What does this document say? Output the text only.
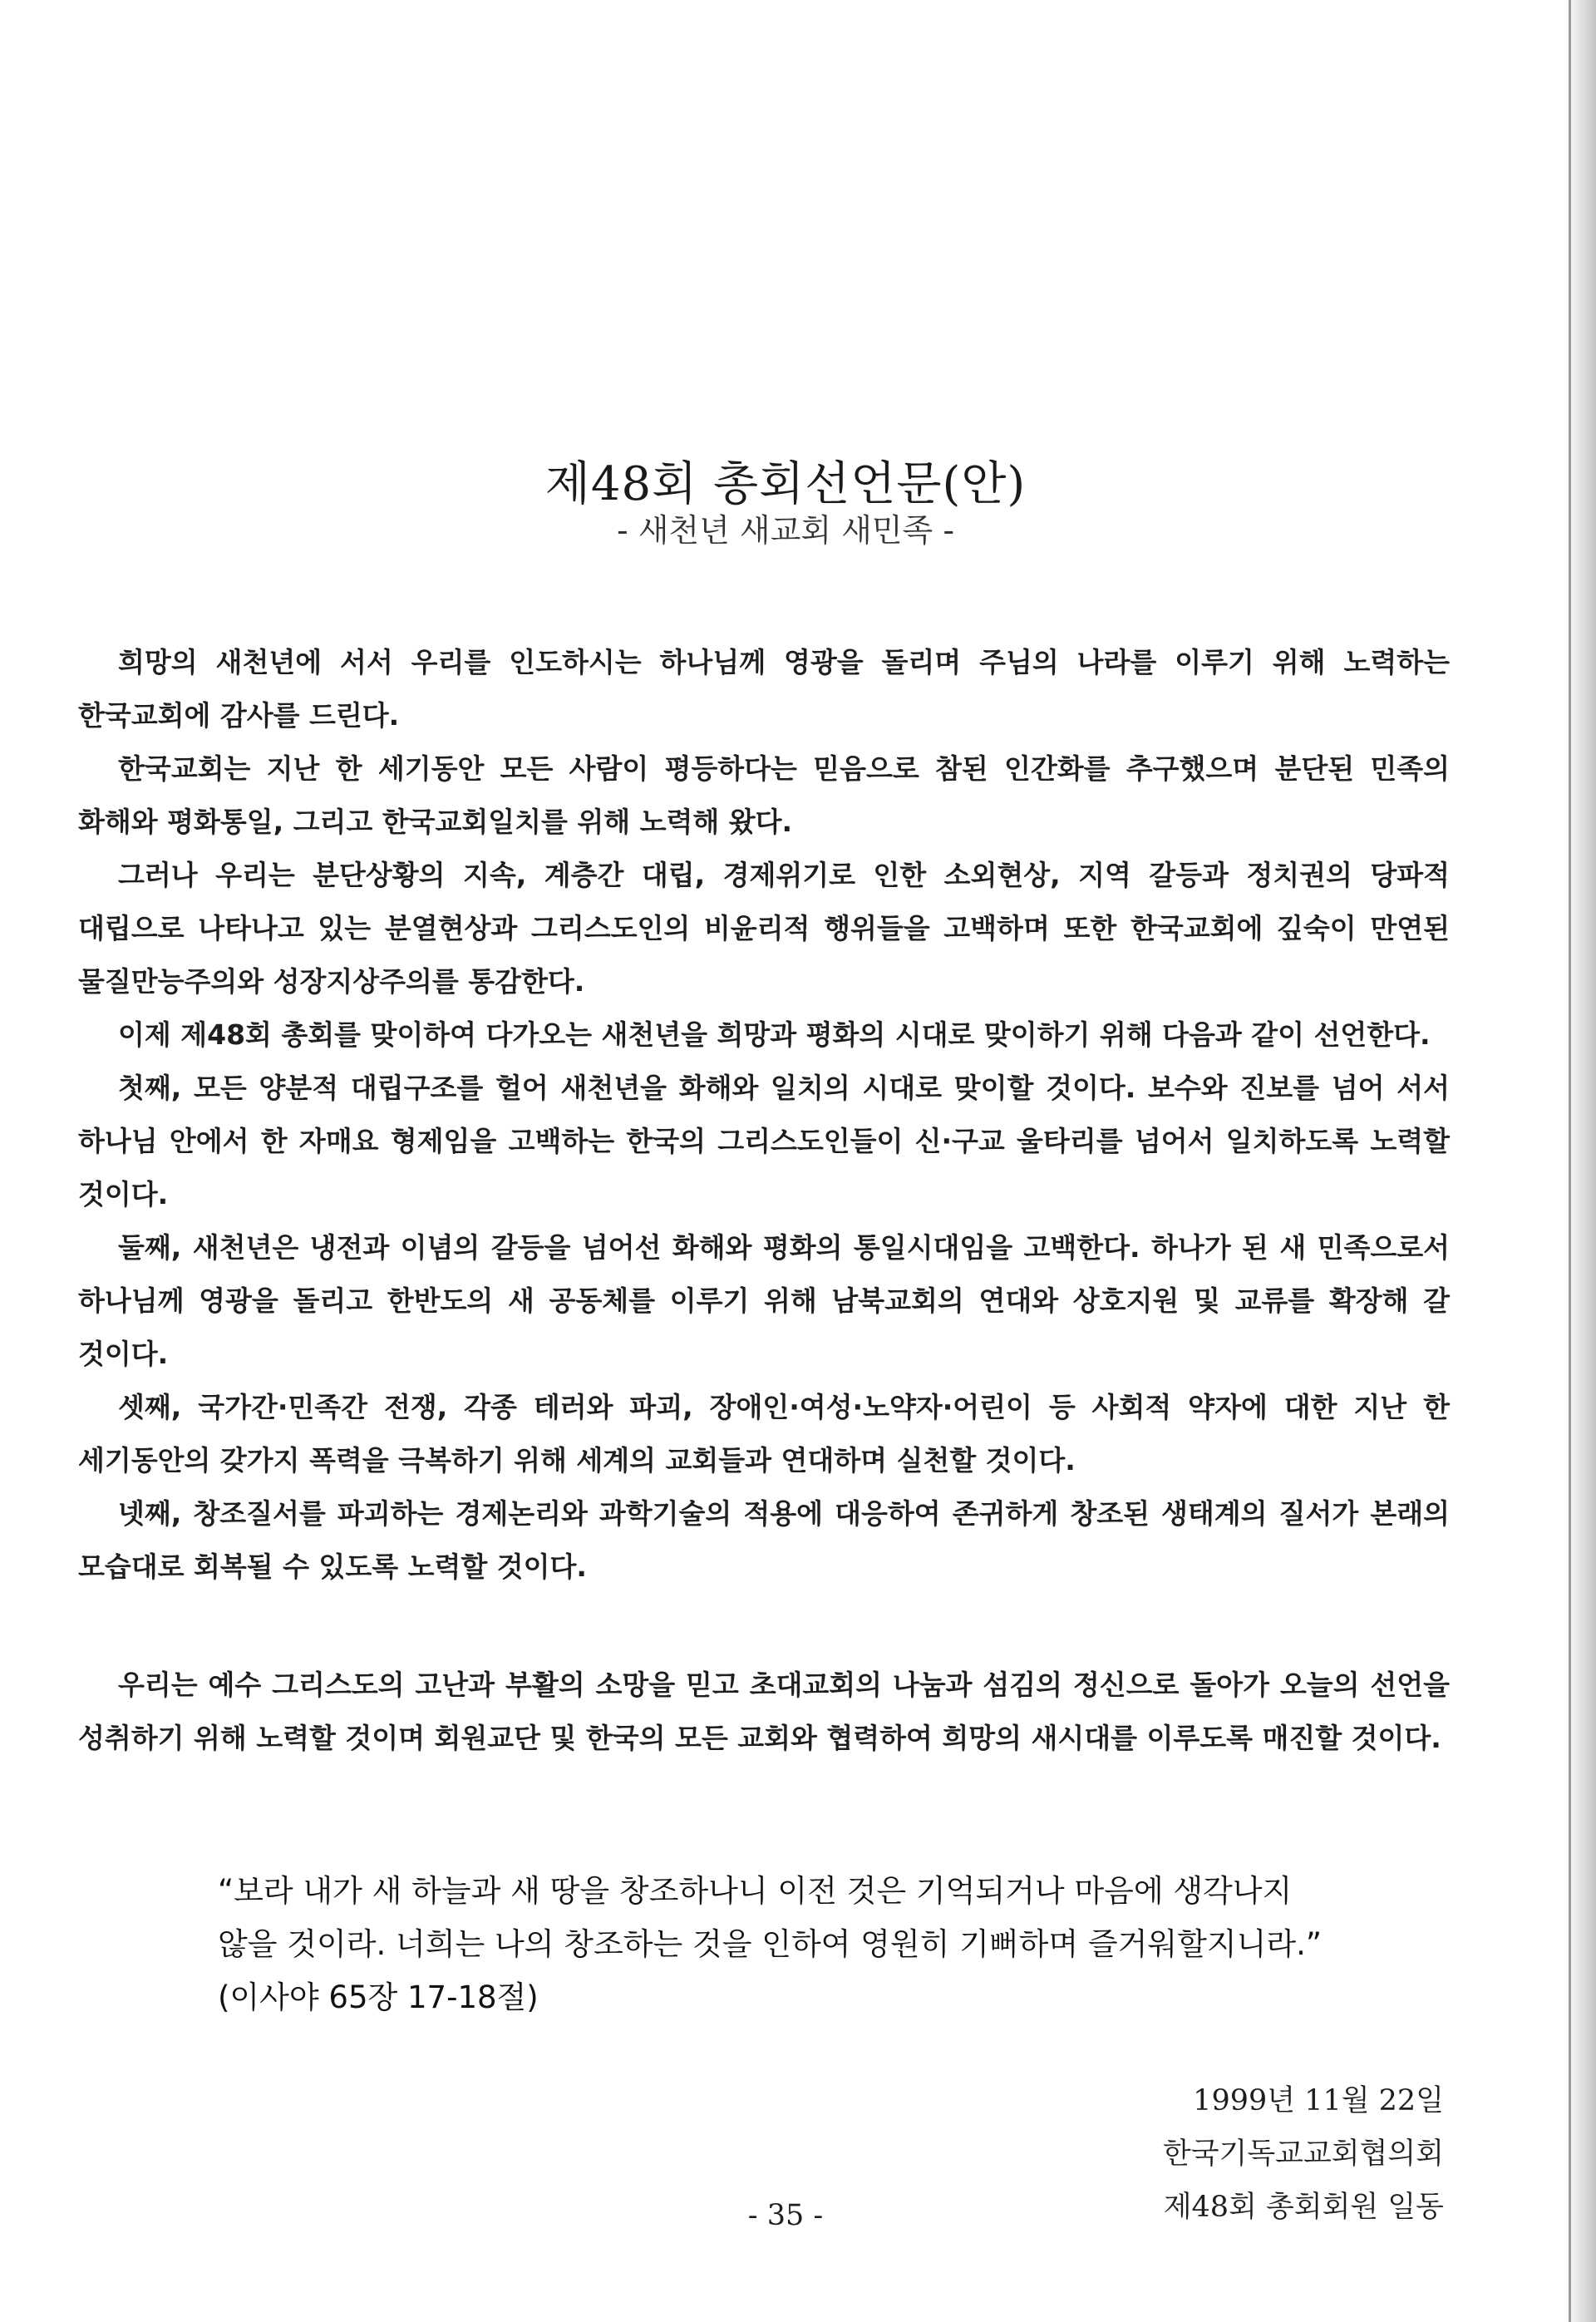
제48회 총회선언문(안)
- 새천년 새교회 새민족 -

희망의 새천년에 서서 우리를 인도하시는 하나님께 영광을 돌리며 주님의 나라를 이루기 위해 노력하는 한국교회에 감사를 드린다.

한국교회는 지난 한 세기동안 모든 사람이 평등하다는 믿음으로 참된 인간화를 추구했으며 분단된 민족의 화해와 평화통일, 그리고 한국교회일치를 위해 노력해 왔다.

그러나 우리는 분단상황의 지속, 계층간 대립, 경제위기로 인한 소외현상, 지역 갈등과 정치권의 당파적 대립으로 나타나고 있는 분열현상과 그리스도인의 비윤리적 행위들을 고백하며 또한 한국교회에 깊숙이 만연된 물질만능주의와 성장지상주의를 통감한다.

이제 제48회 총회를 맞이하여 다가오는 새천년을 희망과 평화의 시대로 맞이하기 위해 다음과 같이 선언한다.

첫째, 모든 양분적 대립구조를 헐어 새천년을 화해와 일치의 시대로 맞이할 것이다. 보수와 진보를 넘어 서서 하나님 안에서 한 자매요 형제임을 고백하는 한국의 그리스도인들이 신·구교 울타리를 넘어서 일치하도록 노력할 것이다.

둘째, 새천년은 냉전과 이념의 갈등을 넘어선 화해와 평화의 통일시대임을 고백한다. 하나가 된 새 민족으로서 하나님께 영광을 돌리고 한반도의 새 공동체를 이루기 위해 남북교회의 연대와 상호지원 및 교류를 확장해 갈 것이다.

셋째, 국가간·민족간 전쟁, 각종 테러와 파괴, 장애인·여성·노약자·어린이 등 사회적 약자에 대한 지난 한 세기동안의 갖가지 폭력을 극복하기 위해 세계의 교회들과 연대하며 실천할 것이다.

넷째, 창조질서를 파괴하는 경제논리와 과학기술의 적용에 대응하여 존귀하게 창조된 생태계의 질서가 본래의 모습대로 회복될 수 있도록 노력할 것이다.

우리는 예수 그리스도의 고난과 부활의 소망을 믿고 초대교회의 나눔과 섬김의 정신으로 돌아가 오늘의 선언을 성취하기 위해 노력할 것이며 회원교단 및 한국의 모든 교회와 협력하여 희망의 새시대를 이루도록 매진할 것이다.

“보라 내가 새 하늘과 새 땅을 창조하나니 이전 것은 기억되거나 마음에 생각나지 않을 것이라. 너희는 나의 창조하는 것을 인하여 영원히 기뻐하며 즐거워할지니라.” (이사야 65장 17-18절)
1999년 11월 22일
한국기독교교회협의회
제48회 총회회원 일동
- 35 -
